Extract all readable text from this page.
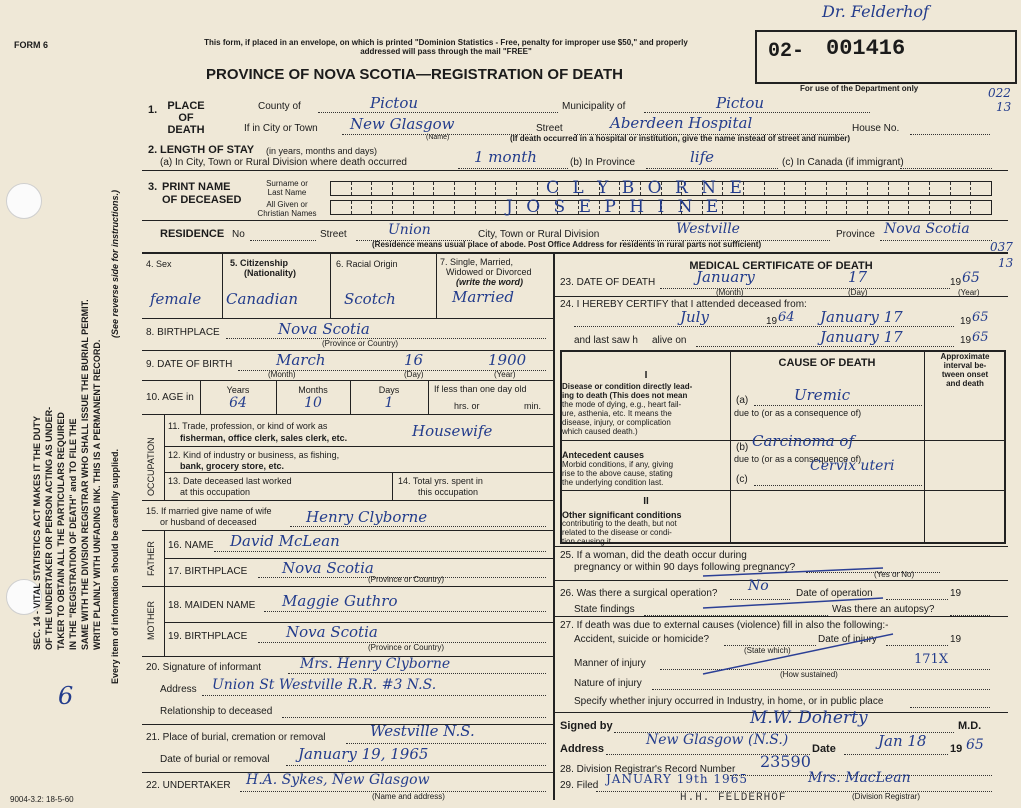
FORM 6	This form, if placed in an envelope, on which is printed "Dominion Statistics - Free, penalty for improper use $50," and properly addressed will pass through the mail "FREE"
PROVINCE OF NOVA SCOTIA—REGISTRATION OF DEATH
02- 001416
Dr. Felderhof
For use of the Department only	022
13
037
13
SEC. 14 - VITAL STATISTICS ACT MAKES IT THE DUTY OF THE UNDERTAKER OR PERSON ACTING AS UNDER- TAKER TO OBTAIN ALL THE PARTICULARS REQUIRED IN THE "REGISTRATION OF DEATH" and TO FILE THE SAME WITH THE DIVISION REGISTRAR WHO SHALL ISSUE THE BURIAL PERMIT. WRITE PLAINLY WITH UNFADING INK. THIS IS A PERMANENT RECORD.
(See reverse side for instructions.)
Every item of information should be carefully supplied.
6
1. PLACE
OF
DEATH
County of	Pictou	Municipality of	Pictou
If in City or Town New Glasgow
(Name)
Street	Aberdeen Hospital	House No.
(If death occurred in a hospital or institution, give the name instead of street and number)
2. LENGTH OF STAY (in years, months and days)
(a) In City, Town or Rural Division where death occurred	1 month	(b) In Province	life	(c) In Canada (if immigrant)
3. PRINT NAME
OF DECEASED
Surname or
Last Name
All Given or
Christian Names
C L Y B O R N E
J O S E P H I N E
RESIDENCE No	Street	Union	City, Town or Rural Division	Westville	Province Nova Scotia
(Residence means usual place of abode. Post Office Address for residents in rural parts not sufficient)
4. Sex	5. Citizenship
(Nationality)
6. Racial Origin	7. Single, Married,
Widowed or Divorced
(write the word)
female Canadian	Scotch	Married
8. BIRTHPLACE	Nova Scotia
(Province or Country)
9. DATE OF BIRTH	March	16	1900
(Month)	(Day)	(Year)
10. AGE in
Years	Months	Days
64	10	1
If less than one day old
hrs. or	min.
OCCUPATION
11. Trade, profession, or kind of work as
fisherman, office clerk, sales clerk, etc.	Housewife
12. Kind of industry or business, as fishing,
bank, grocery store, etc.
13. Date deceased last worked
at this occupation
14. Total yrs. spent in
this occupation
15. If married give name of wife
or husband of deceased	Henry Clyborne
FATHER 16. NAME David McLean
17. BIRTHPLACE Nova Scotia
(Province or Country)
MOTHER 18. MAIDEN NAME Maggie Guthro
19. BIRTHPLACE	Nova Scotia
(Province or Country)
20. Signature of informant	Mrs. Henry Clyborne
Address Union St Westville R.R. #3 N.S.
Relationship to deceased
21. Place of burial, cremation or removal	Westville N.S.
Date of burial or removal January 19, 1965
22. UNDERTAKER H.A. Sykes, New Glasgow
(Name and address)
9004-3.2: 18-5-60
MEDICAL CERTIFICATE OF DEATH
23. DATE OF DEATH	January	17	19 65
(Month)	(Day)	(Year)
24. I HEREBY CERTIFY that I attended deceased from:
July	19 64 January 17	19 65
and last saw h alive on	January 17	19 65
CAUSE OF DEATH
Approximate
interval be-
tween onset
and death
I
Disease or condition directly lead-
ing to death (This does not mean
the mode of dying, e.g., heart fail-
ure, asthenia, etc. It means the
disease, injury, or complication
which caused death.)
(a)	Uremic
due to (or as a consequence of)
Antecedent causes
Morbid conditions, if any, giving
rise to the above cause, stating
the underlying condition last.
(b) Carcinoma of
due to (or as a consequence of)
Cervix uteri
(c)
II
Other significant conditions
contributing to the death, but not
related to the disease or condi-
tion causing it.
25. If a woman, did the death occur during
pregnancy or within 90 days following pregnancy?
(Yes or No)
26. Was there a surgical operation? No	Date of operation	19
State findings	Was there an autopsy?
27. If death was due to external causes (violence) fill in also the following:-
Accident, suicide or homicide?	Date of injury	19
(State which)
Manner of injury	171X
(How sustained)
Nature of injury
Specify whether injury occurred in Industry, in home, or in public place
Signed by	M.W. Doherty	M.D.
Address
New Glasgow (N.S.)
Date	Jan 18 19 65
28. Division Registrar's Record Number 23590
29. Filed JANUARY 19th 1965	Mrs. MacLean
(Division Registrar)
H.H. FELDERHOF
